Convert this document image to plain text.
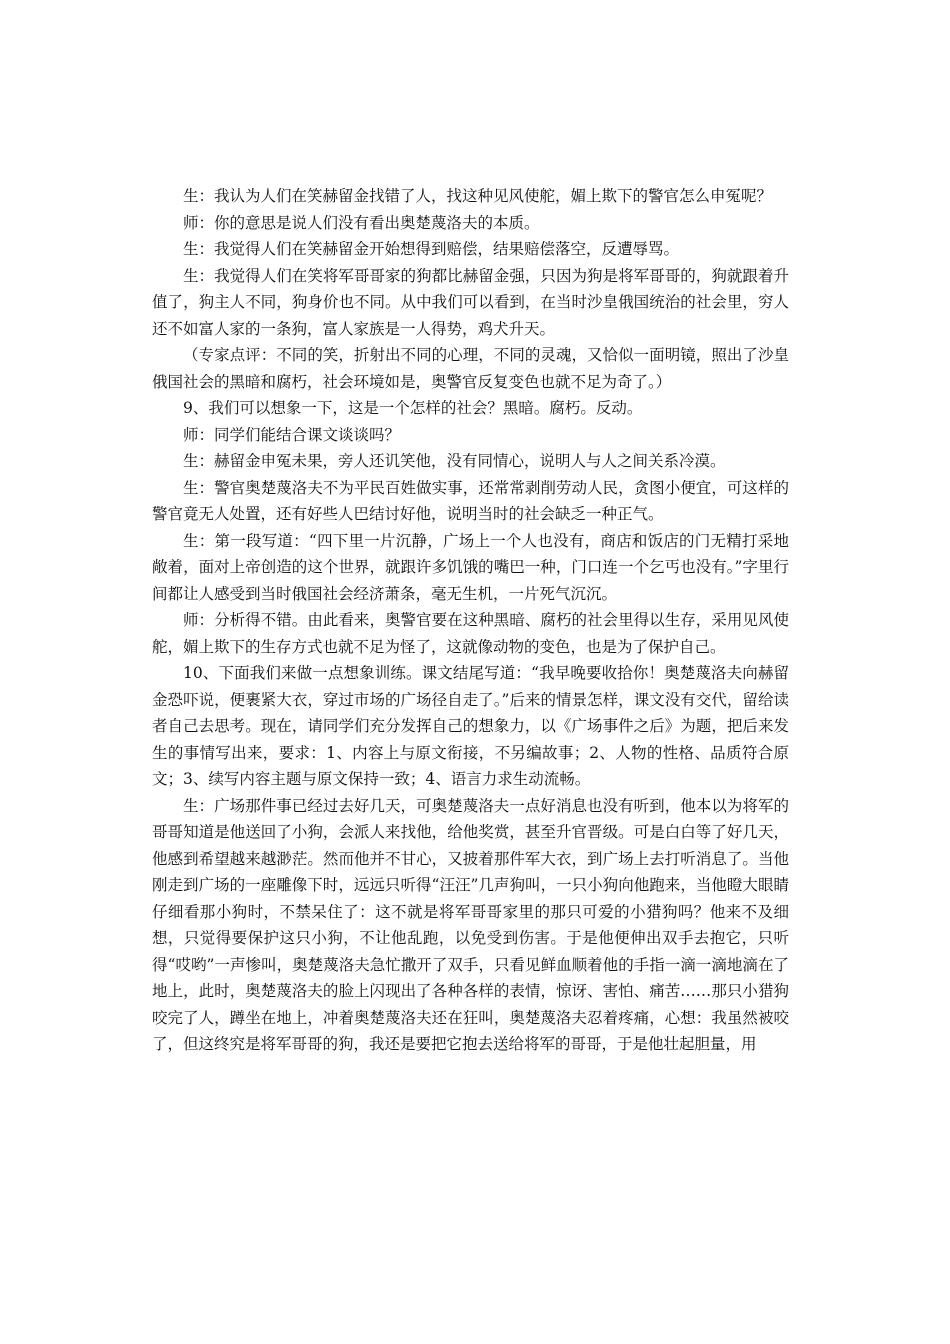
生：我认为人们在笑赫留金找错了人，找这种见风使舵，媚上欺下的警官怎么申冤呢？

师：你的意思是说人们没有看出奥楚蔑洛夫的本质。

生：我觉得人们在笑赫留金开始想得到赔偿，结果赔偿落空，反遭辱骂。

生：我觉得人们在笑将军哥哥家的狗都比赫留金强，只因为狗是将军哥哥的，狗就跟着升值了，狗主人不同，狗身价也不同。从中我们可以看到，在当时沙皇俄国统治的社会里，穷人还不如富人家的一条狗，富人家族是一人得势，鸡犬升天。

（专家点评：不同的笑，折射出不同的心理，不同的灵魂，又恰似一面明镜，照出了沙皇俄国社会的黑暗和腐朽，社会环境如是，奥警官反复变色也就不足为奇了。）

9、我们可以想象一下，这是一个怎样的社会？黑暗。腐朽。反动。

师：同学们能结合课文谈谈吗？

生：赫留金申冤未果，旁人还讥笑他，没有同情心，说明人与人之间关系冷漠。

生：警官奥楚蔑洛夫不为平民百姓做实事，还常常剥削劳动人民，贪图小便宜，可这样的警官竟无人处置，还有好些人巴结讨好他，说明当时的社会缺乏一种正气。

生：第一段写道：“四下里一片沉静，广场上一个人也没有，商店和饭店的门无精打采地敞着，面对上帝创造的这个世界，就跟许多饥饿的嘴巴一种，门口连一个乞丐也没有。”字里行间都让人感受到当时俄国社会经济萧条，毫无生机，一片死气沉沉。

师：分析得不错。由此看来，奥警官要在这种黑暗、腐朽的社会里得以生存，采用见风使舵，媚上欺下的生存方式也就不足为怪了，这就像动物的变色，也是为了保护自己。

10、下面我们来做一点想象训练。课文结尾写道：“我早晚要收拾你！奥楚蔑洛夫向赫留金恐吓说，便裹紧大衣，穿过市场的广场径自走了。”后来的情景怎样，课文没有交代，留给读者自己去思考。现在，请同学们充分发挥自己的想象力，以《广场事件之后》为题，把后来发生的事情写出来，要求：1、内容上与原文衔接，不另编故事；2、人物的性格、品质符合原文；3、续写内容主题与原文保持一致；4、语言力求生动流畅。

生：广场那件事已经过去好几天，可奥楚蔑洛夫一点好消息也没有听到，他本以为将军的哥哥知道是他送回了小狗，会派人来找他，给他奖赏，甚至升官晋级。可是白白等了好几天，他感到希望越来越渺茫。然而他并不甘心，又披着那件军大衣，到广场上去打听消息了。当他刚走到广场的一座雕像下时，远远只听得“汪汪”几声狗叫，一只小狗向他跑来，当他瞪大眼睛仔细看那小狗时，不禁呆住了：这不就是将军哥哥家里的那只可爱的小猎狗吗？他来不及细想，只觉得要保护这只小狗，不让他乱跑，以免受到伤害。于是他便伸出双手去抱它，只听得“哎哟”一声惨叫，奥楚蔑洛夫急忙撒开了双手，只看见鲜血顺着他的手指一滴一滴地滴在了地上，此时，奥楚蔑洛夫的脸上闪现出了各种各样的表情，惊讶、害怕、痛苦……那只小猎狗咬完了人，蹲坐在地上，冲着奥楚蔑洛夫还在狂叫，奥楚蔑洛夫忍着疼痛，心想：我虽然被咬了，但这终究是将军哥哥的狗，我还是要把它抱去送给将军的哥哥，于是他壮起胆量，用
